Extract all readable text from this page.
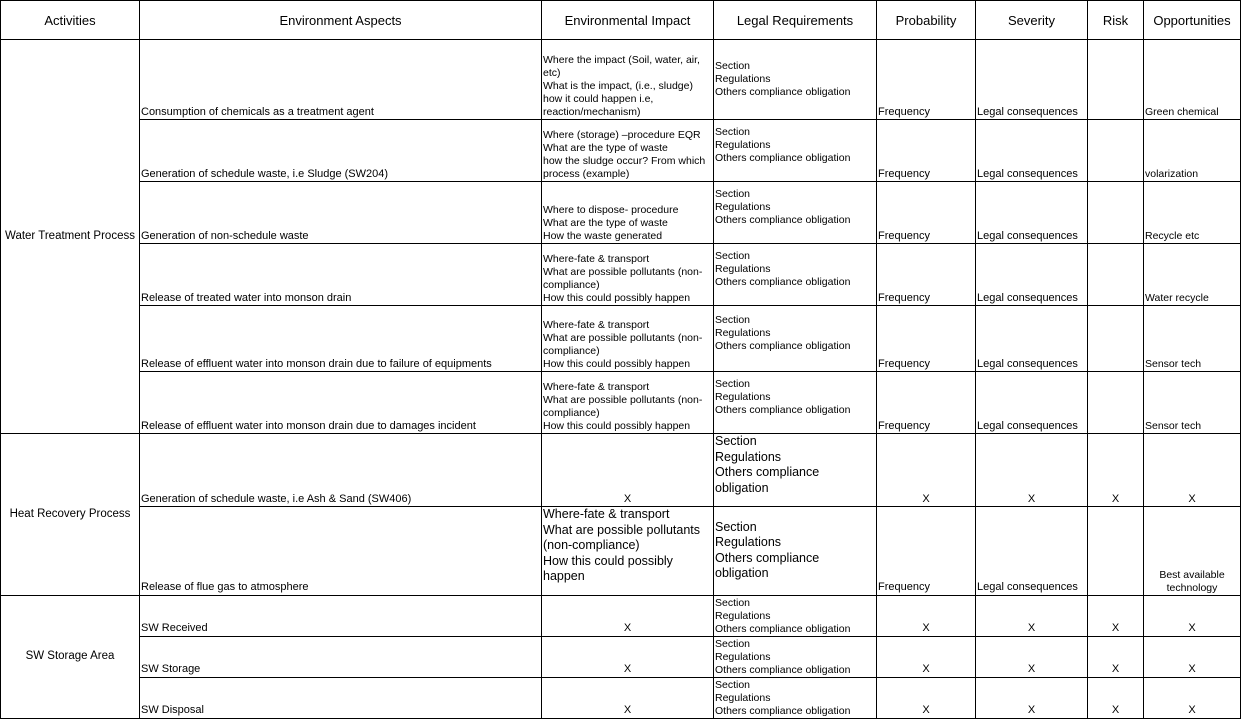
Activities	Environment Aspects	Environmental Impact	Legal Requirements	Probability	Severity	Risk	Opportunities
Water Treatment Process	Consumption of chemicals as a treatment agent	Where the impact (Soil, water, air, etc)
What is the impact, (i.e., sludge)
how it could happen i.e, reaction/mechanism)	Section
Regulations
Others compliance obligation	Frequency	Legal consequences		Green chemical
	Generation of schedule waste, i.e Sludge (SW204)	Where (storage) –procedure EQR
What are the type of waste
how the sludge occur? From which process (example)	Section
Regulations
Others compliance obligation	Frequency	Legal consequences		volarization
	Generation of non-schedule waste	Where to dispose- procedure
What are the type of waste
How the waste generated	Section
Regulations
Others compliance obligation	Frequency	Legal consequences		Recycle etc
	Release of treated water into monson drain	Where-fate & transport
What are possible pollutants (non-compliance)
How this could possibly happen	Section
Regulations
Others compliance obligation	Frequency	Legal consequences		Water recycle
	Release of effluent water into monson drain due to failure of equipments	Where-fate & transport
What are possible pollutants (non-compliance)
How this could possibly happen	Section
Regulations
Others compliance obligation	Frequency	Legal consequences		Sensor tech
	Release of effluent water into monson drain due to damages incident	Where-fate & transport
What are possible pollutants (non-compliance)
How this could possibly happen	Section
Regulations
Others compliance obligation	Frequency	Legal consequences		Sensor tech
Heat Recovery Process	Generation of schedule waste, i.e Ash & Sand (SW406)	X	Section
Regulations
Others compliance obligation	X	X	X	X
	Release of flue gas to atmosphere	Where-fate & transport
What are possible pollutants (non-compliance)
How this could possibly happen	Section
Regulations
Others compliance obligation	Frequency	Legal consequences		Best available technology
SW Storage Area	SW Received	X	Section
Regulations
Others compliance obligation	X	X	X	X
	SW Storage	X	Section
Regulations
Others compliance obligation	X	X	X	X
	SW Disposal	X	Section
Regulations
Others compliance obligation	X	X	X	X
